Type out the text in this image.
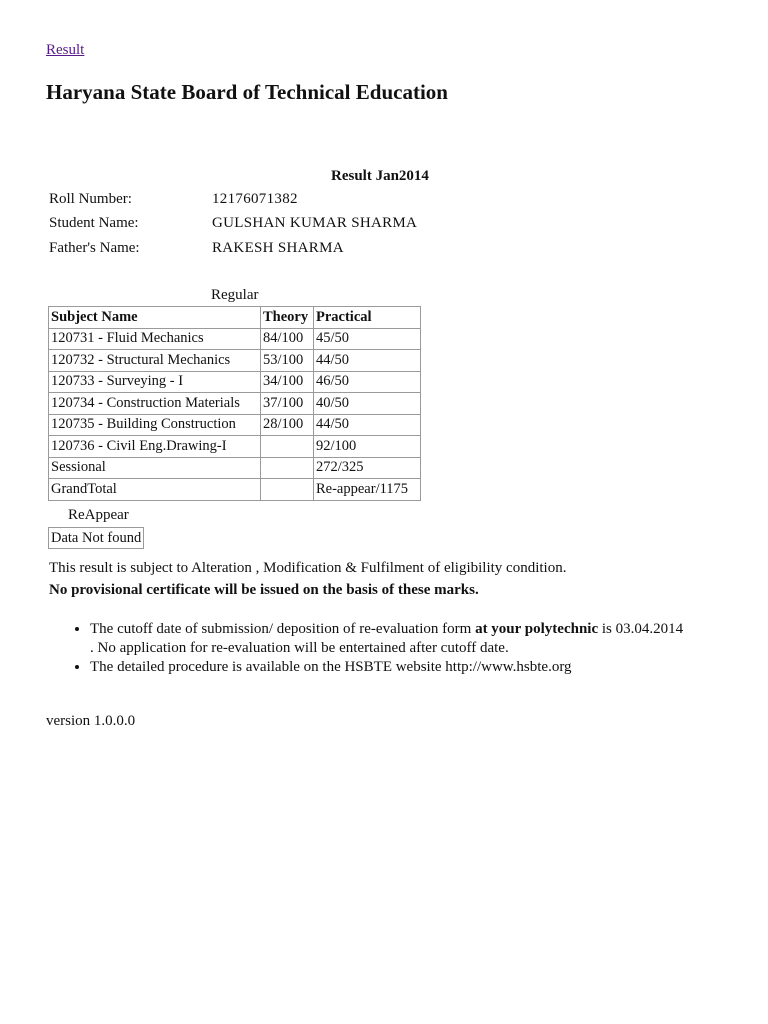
Result
Haryana State Board of Technical Education
Result Jan2014
Roll Number:	12176071382
Student Name:	GULSHAN KUMAR SHARMA
Father's Name:	RAKESH SHARMA
Regular
Subject Name	Theory	Practical
120731 - Fluid Mechanics	84/100	45/50
120732 - Structural Mechanics	53/100	44/50
120733 - Surveying - I	34/100	46/50
120734 - Construction Materials	37/100	40/50
120735 - Building Construction	28/100	44/50
120736 - Civil Eng.Drawing-I		92/100
Sessional		272/325
GrandTotal		Re-appear/1175
ReAppear
Data Not found
This result is subject to Alteration , Modification & Fulfilment of eligibility condition.
No provisional certificate will be issued on the basis of these marks.
• The cutoff date of submission/ deposition of re-evaluation form at your polytechnic is 03.04.2014 . No application for re-evaluation will be entertained after cutoff date.
• The detailed procedure is available on the HSBTE website http://www.hsbte.org
version 1.0.0.0
